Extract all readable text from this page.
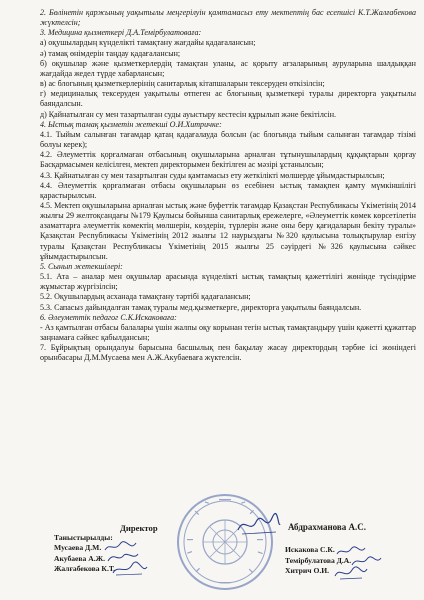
2. Бөлінетін қаржының уақытылы меңгерілуін қамтамасыз ету мектептің бас есепшісі К.Т.Жалғабекова жүктелсін;

3. Медицина қызметкері Д.А.Темірбулатоваға:

а) оқушылардың күнделікті тамақтану жағдайы қадағалансын;

ә) тамақ өнімдерін таңдау қадағалансын;

б) оқушылар және қызметкерлердің тамақтан уланы, ас қорыту ағзаларының ауруларына шалдыққан жағдайда жедел түрде хабарлансын;

в) ас блогының қызметкерлерінің санитарлық кітапшаларын тексеруден өткізілсін;

г) медициналық тексеруден уақытылы өтпеген ас блогының қызметкері туралы директорға уақытылы баяндалсын.

д) Қайнатылған су мен тазартылған суды ауыстыру кестесін құрылып және бекітілсін.

4. Ыстық тамақ қызметін жетекші О.И.Хитричке:

4.1. Тыйым салынған тағамдар қатаң қадағалауда болсын (ас блогында тыйым салынған тағамдар тізімі болуы керек);

4.2. Әлеуметтік қорғалмаған отбасының оқушыларына арналған тұтынушылардың құқықтарын қорғау Басқармасымен келісілген, мектеп директорымен бекітілген ас мәзірі ұстанылсын;

4.3. Қайнатылған су мен тазартылған суды қамтамасыз ету жеткілікті мөлшерде ұйымдастырылсын;

4.4. Әлеуметтік қорғалмаған отбасы оқушыларын өз есебінен ыстық тамақпен қамту мүмкіншілігі қарастырылсын.

4.5. Мектеп оқушыларына арналған ыстық және буфеттік тағамдар Қазақстан Республикасы Үкіметінің 2014 жылғы 29 желтоқсандағы №179 Қаулысы бойынша санитарлық ережелерге, «Әлеуметтік көмек көрсетілетін азаматтарға әлеуметтік көмектің мөлшерін, көздерін, түрлерін және оны беру қағидаларын бекіту туралы» Қазақстан Республикасы Үкіметінің 2012 жылғы 12 наурыздағы №320 қаулысына толықтырулар енгізу туралы Қазақстан Республикасы Үкіметінің 2015 жылғы 25 сәуірдегі №326 қаулысына сәйкес ұйымдастырылсын.

5. Сынып жетекшілері:

5.1. Ата – аналар мен оқушылар арасында күнделікті ыстық тамақтың қажеттілігі жөнінде түсіндірме жұмыстар жүргізілсін;

5.2. Оқушылардың асханада тамақтану тәртібі қадағалансын;

5.3. Сапасыз дайындалған тамақ туралы мед.қызметкерге, директорға уақытылы баяндалсын.

6. Әлеуметтік педагог С.К.Искаковаға:

- Аз қамтылған отбасы балалары үшін жалпы оқу корынан тегін ыстық тамақтандыру үшін қажетті құжаттар заңнамаға сәйкес қабылдансын;

7. Бұйрықтың орындалуы барысына басшылық пен бақылау жасау директордың тәрбие ісі жөніндегі орынбасары Д.М.Мусаева мен А.Ж.Акубаеваға жүктелсін.

Директор	Абдрахманова А.С.
Таныстырылды:
Мусаева Д.М.
Акубаева А.Ж.
Жалғабекова К.Т.
Искакова С.К.
Темірбулатова Д.А.
Хитрич О.И.
